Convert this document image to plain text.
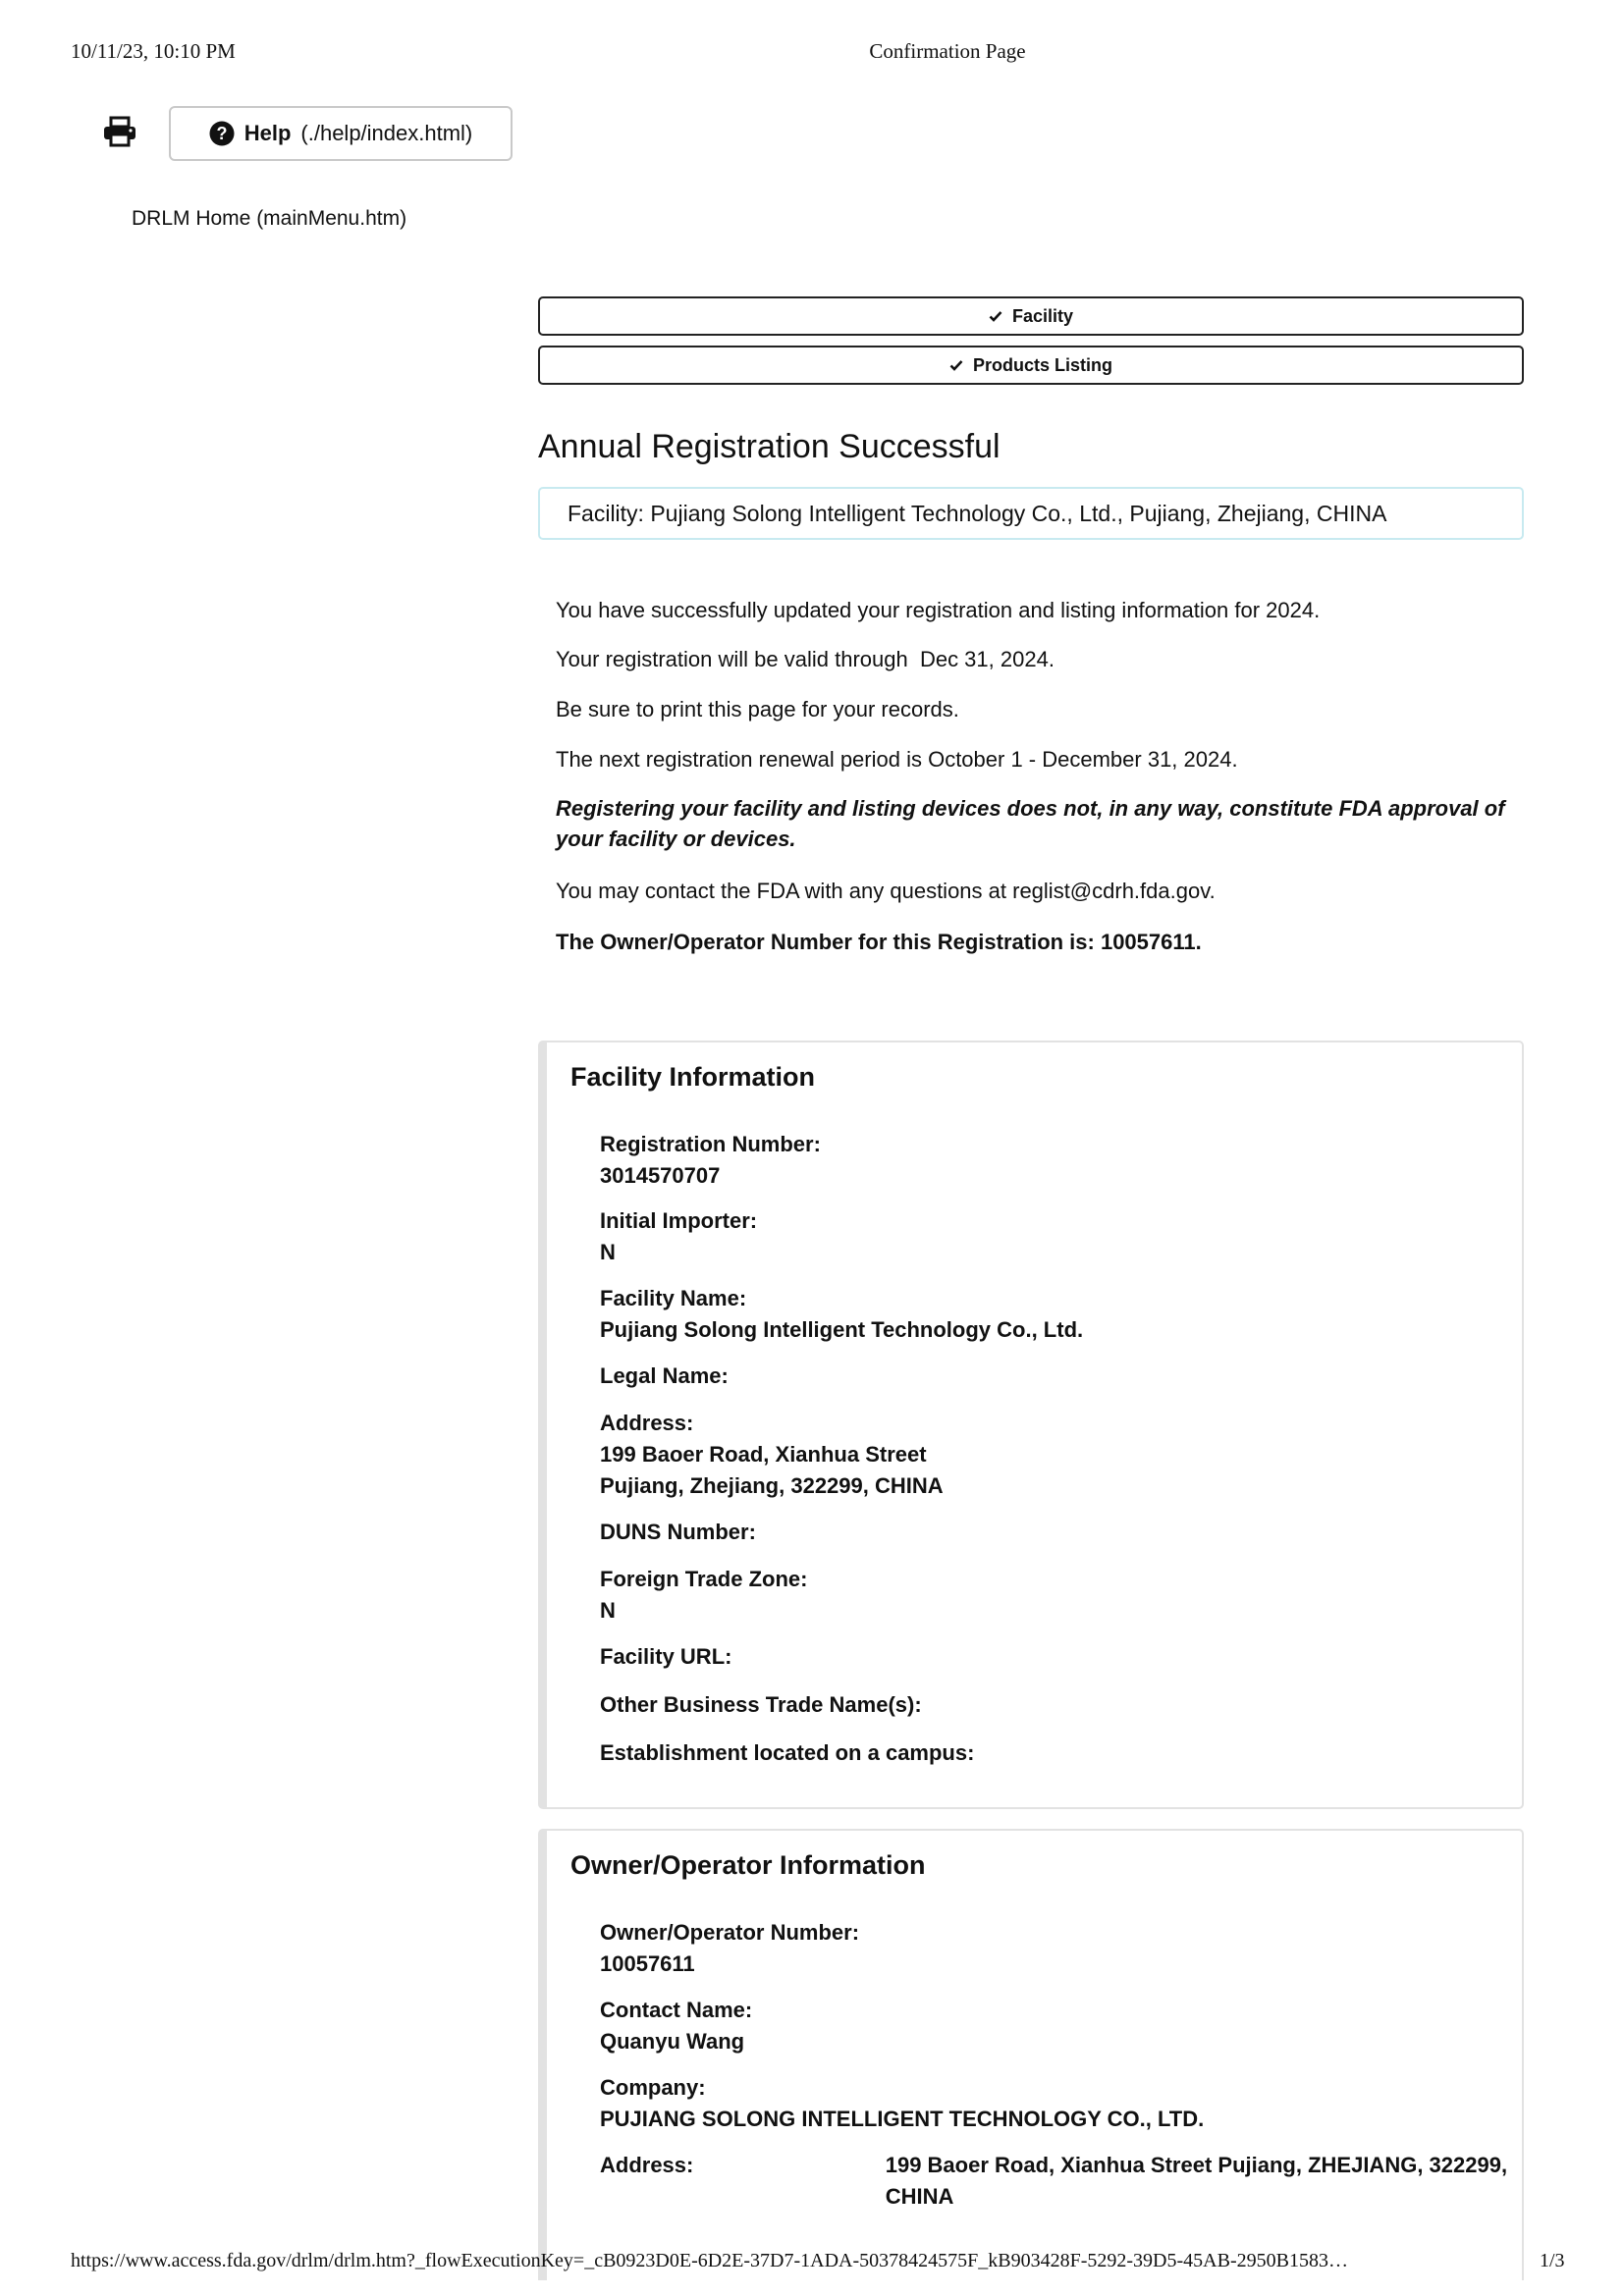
10/11/23, 10:10 PM	Confirmation Page
? Help (./help/index.html)
DRLM Home (mainMenu.htm)
Facility
Products Listing
Annual Registration Successful
Facility: Pujiang Solong Intelligent Technology Co., Ltd., Pujiang, Zhejiang, CHINA
You have successfully updated your registration and listing information for 2024.
Your registration will be valid through  Dec 31, 2024.
Be sure to print this page for your records.
The next registration renewal period is October 1 - December 31, 2024.
Registering your facility and listing devices does not, in any way, constitute FDA approval of your facility or devices.
You may contact the FDA with any questions at reglist@cdrh.fda.gov.
The Owner/Operator Number for this Registration is: 10057611.
Facility Information
Registration Number:
3014570707
Initial Importer:
N
Facility Name:
Pujiang Solong Intelligent Technology Co., Ltd.
Legal Name:
Address:
199 Baoer Road, Xianhua Street
Pujiang, Zhejiang, 322299, CHINA
DUNS Number:
Foreign Trade Zone:
N
Facility URL:
Other Business Trade Name(s):
Establishment located on a campus:
Owner/Operator Information
Owner/Operator Number:
10057611
Contact Name:
Quanyu Wang
Company:
PUJIANG SOLONG INTELLIGENT TECHNOLOGY CO., LTD.
Address:	199 Baoer Road, Xianhua Street Pujiang, ZHEJIANG, 322299, CHINA
https://www.access.fda.gov/drlm/drlm.htm?_flowExecutionKey=_cB0923D0E-6D2E-37D7-1ADA-50378424575F_kB903428F-5292-39D5-45AB-2950B1583…	1/3
